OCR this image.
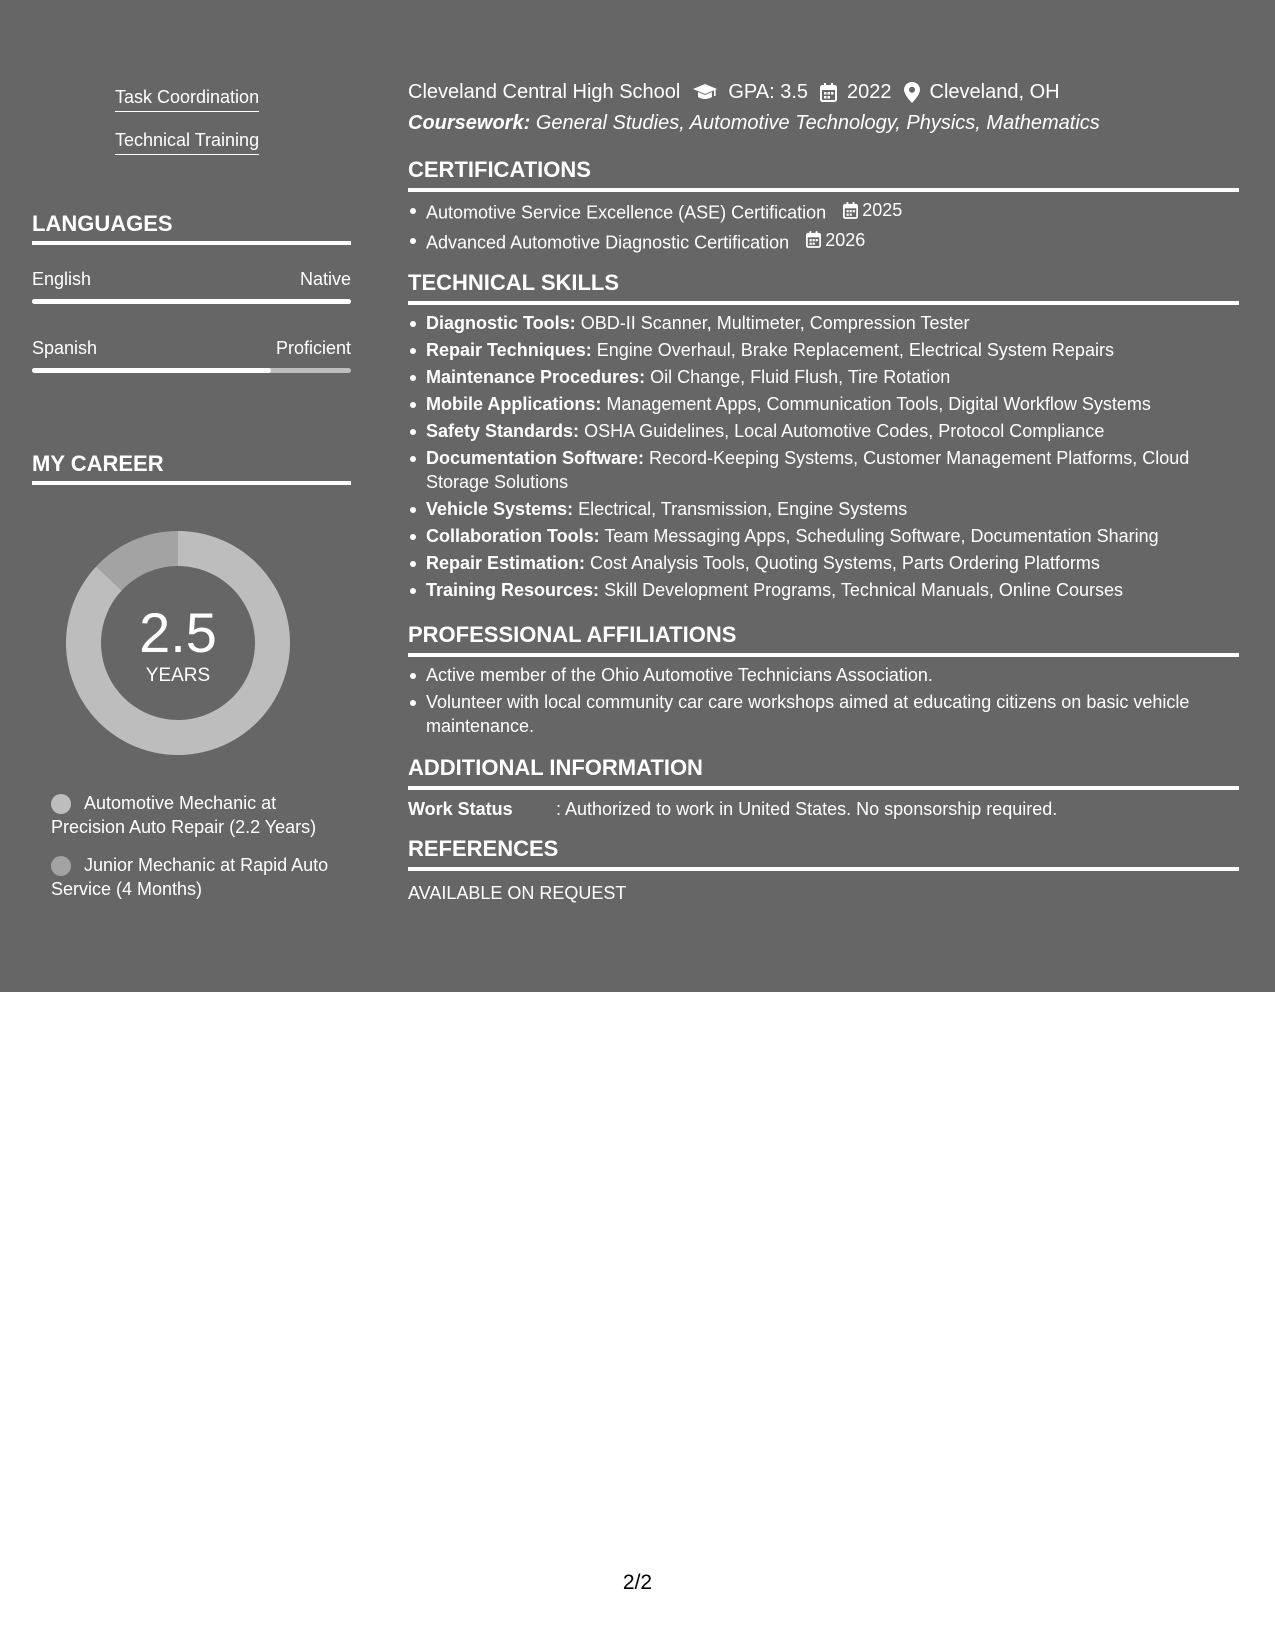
Task Coordination
Technical Training
LANGUAGES
English	Native
Spanish	Proficient
MY CAREER
2.5
YEARS
Automotive Mechanic at Precision Auto Repair (2.2 Years)
Junior Mechanic at Rapid Auto Service (4 Months)
Cleveland Central High School GPA: 3.5 2022 Cleveland, OH
Coursework: General Studies, Automotive Technology, Physics, Mathematics
CERTIFICATIONS
Automotive Service Excellence (ASE) Certification 2025
Advanced Automotive Diagnostic Certification 2026
TECHNICAL SKILLS
Diagnostic Tools: OBD-II Scanner, Multimeter, Compression Tester
Repair Techniques: Engine Overhaul, Brake Replacement, Electrical System Repairs
Maintenance Procedures: Oil Change, Fluid Flush, Tire Rotation
Mobile Applications: Management Apps, Communication Tools, Digital Workflow Systems
Safety Standards: OSHA Guidelines, Local Automotive Codes, Protocol Compliance
Documentation Software: Record-Keeping Systems, Customer Management Platforms, Cloud Storage Solutions
Vehicle Systems: Electrical, Transmission, Engine Systems
Collaboration Tools: Team Messaging Apps, Scheduling Software, Documentation Sharing
Repair Estimation: Cost Analysis Tools, Quoting Systems, Parts Ordering Platforms
Training Resources: Skill Development Programs, Technical Manuals, Online Courses
PROFESSIONAL AFFILIATIONS
Active member of the Ohio Automotive Technicians Association.
Volunteer with local community car care workshops aimed at educating citizens on basic vehicle maintenance.
ADDITIONAL INFORMATION
Work Status : Authorized to work in United States. No sponsorship required.
REFERENCES
AVAILABLE ON REQUEST
2/2
